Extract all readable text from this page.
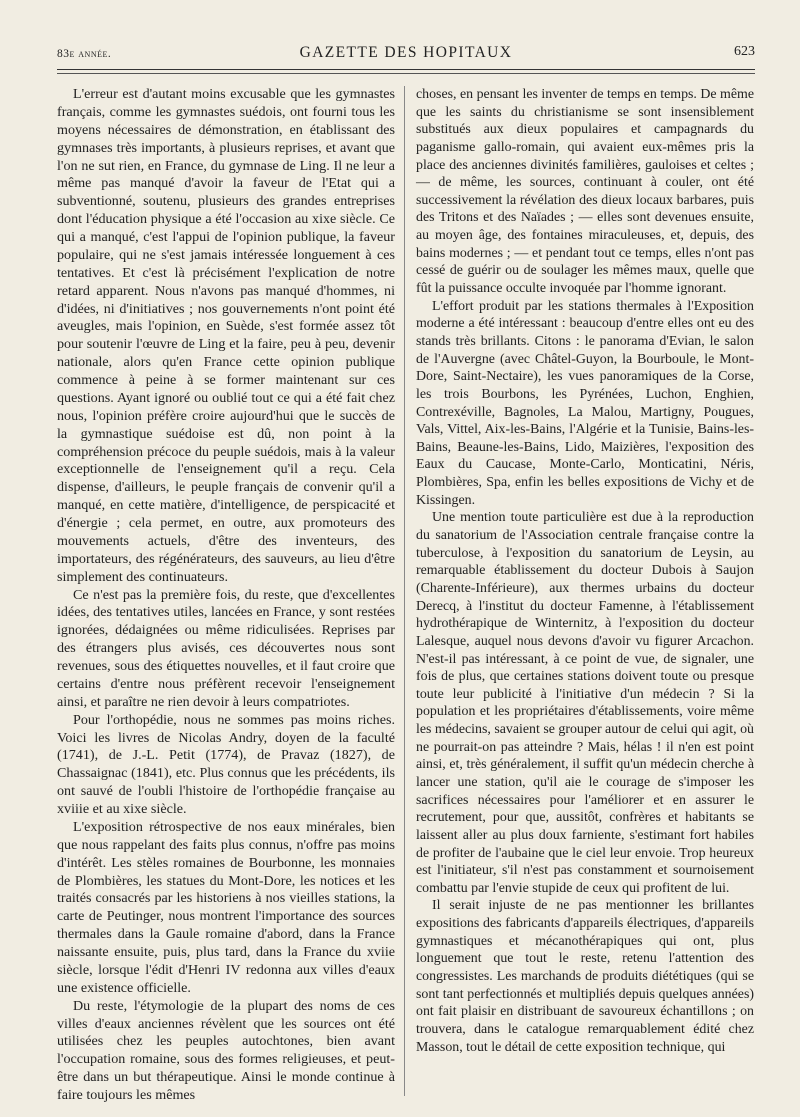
83e année.	GAZETTE DES HOPITAUX	623

L'erreur est d'autant moins excusable que les gymnastes français, comme les gymnastes suédois, ont fourni tous les moyens nécessaires de démonstration, en établissant des gymnases très importants, à plusieurs reprises, et avant que l'on ne sut rien, en France, du gymnase de Ling. Il ne leur a même pas manqué d'avoir la faveur de l'Etat qui a subventionné, soutenu, plusieurs des grandes entreprises dont l'éducation physique a été l'occasion au xixe siècle. Ce qui a manqué, c'est l'appui de l'opinion publique, la faveur populaire, qui ne s'est jamais intéressée longuement à ces tentatives. Et c'est là précisément l'explication de notre retard apparent. Nous n'avons pas manqué d'hommes, ni d'idées, ni d'initiatives ; nos gouvernements n'ont point été aveugles, mais l'opinion, en Suède, s'est formée assez tôt pour soutenir l'œuvre de Ling et la faire, peu à peu, devenir nationale, alors qu'en France cette opinion publique commence à peine à se former maintenant sur ces questions. Ayant ignoré ou oublié tout ce qui a été fait chez nous, l'opinion préfère croire aujourd'hui que le succès de la gymnastique suédoise est dû, non point à la compréhension précoce du peuple suédois, mais à la valeur exceptionnelle de l'enseignement qu'il a reçu. Cela dispense, d'ailleurs, le peuple français de convenir qu'il a manqué, en cette matière, d'intelligence, de perspicacité et d'énergie ; cela permet, en outre, aux promoteurs des mouvements actuels, d'être des inventeurs, des importateurs, des régénérateurs, des sauveurs, au lieu d'être simplement des continuateurs.

Ce n'est pas la première fois, du reste, que d'excellentes idées, des tentatives utiles, lancées en France, y sont restées ignorées, dédaignées ou même ridiculisées. Reprises par des étrangers plus avisés, ces découvertes nous sont revenues, sous des étiquettes nouvelles, et il faut croire que certains d'entre nous préfèrent recevoir l'enseignement ainsi, et paraître ne rien devoir à leurs compatriotes.

Pour l'orthopédie, nous ne sommes pas moins riches. Voici les livres de Nicolas Andry, doyen de la faculté (1741), de J.-L. Petit (1774), de Pravaz (1827), de Chassaignac (1841), etc. Plus connus que les précédents, ils ont sauvé de l'oubli l'histoire de l'orthopédie française au xviiie et au xixe siècle.

L'exposition rétrospective de nos eaux minérales, bien que nous rappelant des faits plus connus, n'offre pas moins d'intérêt. Les stèles romaines de Bourbonne, les monnaies de Plombières, les statues du Mont-Dore, les notices et les traités consacrés par les historiens à nos vieilles stations, la carte de Peutinger, nous montrent l'importance des sources thermales dans la Gaule romaine d'abord, dans la France naissante ensuite, puis, plus tard, dans la France du xviie siècle, lorsque l'édit d'Henri IV redonna aux villes d'eaux une existence officielle.

Du reste, l'étymologie de la plupart des noms de ces villes d'eaux anciennes révèlent que les sources ont été utilisées chez les peuples autochtones, bien avant l'occupation romaine, sous des formes religieuses, et peut-être dans un but thérapeutique. Ainsi le monde continue à faire toujours les mêmes

choses, en pensant les inventer de temps en temps. De même que les saints du christianisme se sont insensiblement substitués aux dieux populaires et campagnards du paganisme gallo-romain, qui avaient eux-mêmes pris la place des anciennes divinités familières, gauloises et celtes ; — de même, les sources, continuant à couler, ont été successivement la révélation des dieux locaux barbares, puis des Tritons et des Naïades ; — elles sont devenues ensuite, au moyen âge, des fontaines miraculeuses, et, depuis, des bains modernes ; — et pendant tout ce temps, elles n'ont pas cessé de guérir ou de soulager les mêmes maux, quelle que fût la puissance occulte invoquée par l'homme ignorant.

L'effort produit par les stations thermales à l'Exposition moderne a été intéressant : beaucoup d'entre elles ont eu des stands très brillants. Citons : le panorama d'Evian, le salon de l'Auvergne (avec Châtel-Guyon, la Bourboule, le Mont-Dore, Saint-Nectaire), les vues panoramiques de la Corse, les trois Bourbons, les Pyrénées, Luchon, Enghien, Contrexéville, Bagnoles, La Malou, Martigny, Pougues, Vals, Vittel, Aix-les-Bains, l'Algérie et la Tunisie, Bains-les-Bains, Beaune-les-Bains, Lido, Maizières, l'exposition des Eaux du Caucase, Monte-Carlo, Monticatini, Néris, Plombières, Spa, enfin les belles expositions de Vichy et de Kissingen.

Une mention toute particulière est due à la reproduction du sanatorium de l'Association centrale française contre la tuberculose, à l'exposition du sanatorium de Leysin, au remarquable établissement du docteur Dubois à Saujon (Charente-Inférieure), aux thermes urbains du docteur Derecq, à l'institut du docteur Famenne, à l'établissement hydrothérapique de Winternitz, à l'exposition du docteur Lalesque, auquel nous devons d'avoir vu figurer Arcachon. N'est-il pas intéressant, à ce point de vue, de signaler, une fois de plus, que certaines stations doivent toute ou presque toute leur publicité à l'initiative d'un médecin ? Si la population et les propriétaires d'établissements, voire même les médecins, savaient se grouper autour de celui qui agit, où ne pourrait-on pas atteindre ? Mais, hélas ! il n'en est point ainsi, et, très généralement, il suffit qu'un médecin cherche à lancer une station, qu'il aie le courage de s'imposer les sacrifices nécessaires pour l'améliorer et en assurer le recrutement, pour que, aussitôt, confrères et habitants se laissent aller au plus doux farniente, s'estimant fort habiles de profiter de l'aubaine que le ciel leur envoie. Trop heureux est l'initiateur, s'il n'est pas constamment et sournoisement combattu par l'envie stupide de ceux qui profitent de lui.

Il serait injuste de ne pas mentionner les brillantes expositions des fabricants d'appareils électriques, d'appareils gymnastiques et mécanothérapiques qui ont, plus longuement que tout le reste, retenu l'attention des congressistes. Les marchands de produits diététiques (qui se sont tant perfectionnés et multipliés depuis quelques années) ont fait plaisir en distribuant de savoureux échantillons ; on trouvera, dans le catalogue remarquablement édité chez Masson, tout le détail de cette exposition technique, qui
